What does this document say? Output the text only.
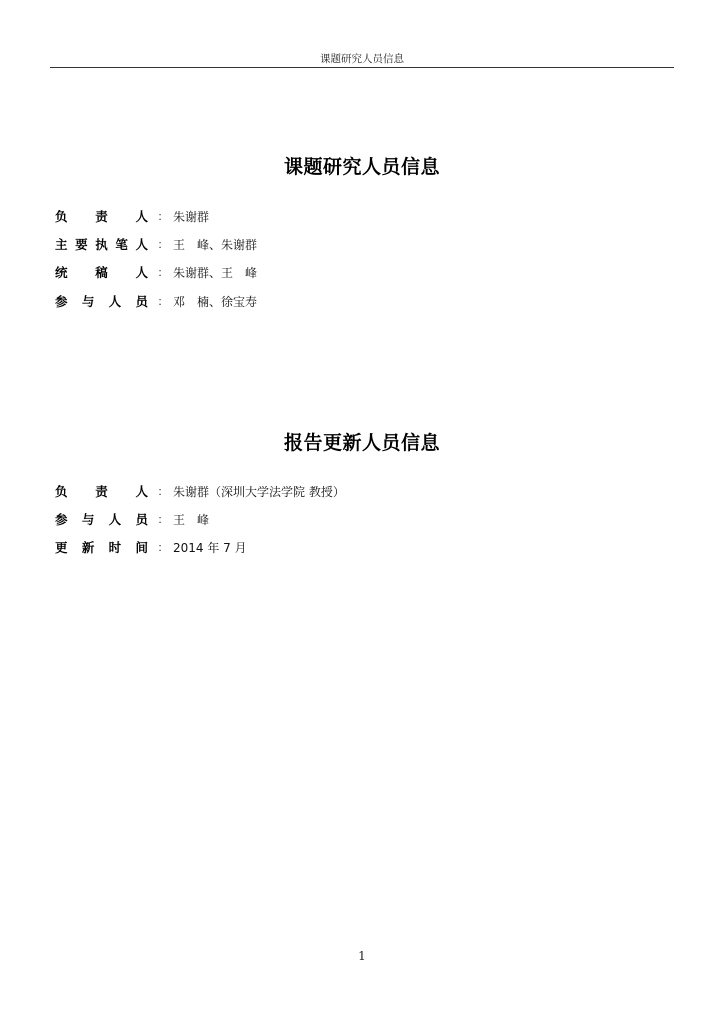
课题研究人员信息
课题研究人员信息
负 责 人 ： 朱谢群
主 要 执 笔 人 ： 王　峰、朱谢群
统 稿 人 ： 朱谢群、王　峰
参 与 人 员 ： 邓　楠、徐宝寿
报告更新人员信息
负 责 人 ： 朱谢群（深圳大学法学院 教授）
参 与 人 员 ： 王　峰
更 新 时 间 ： 2014 年 7 月
1
